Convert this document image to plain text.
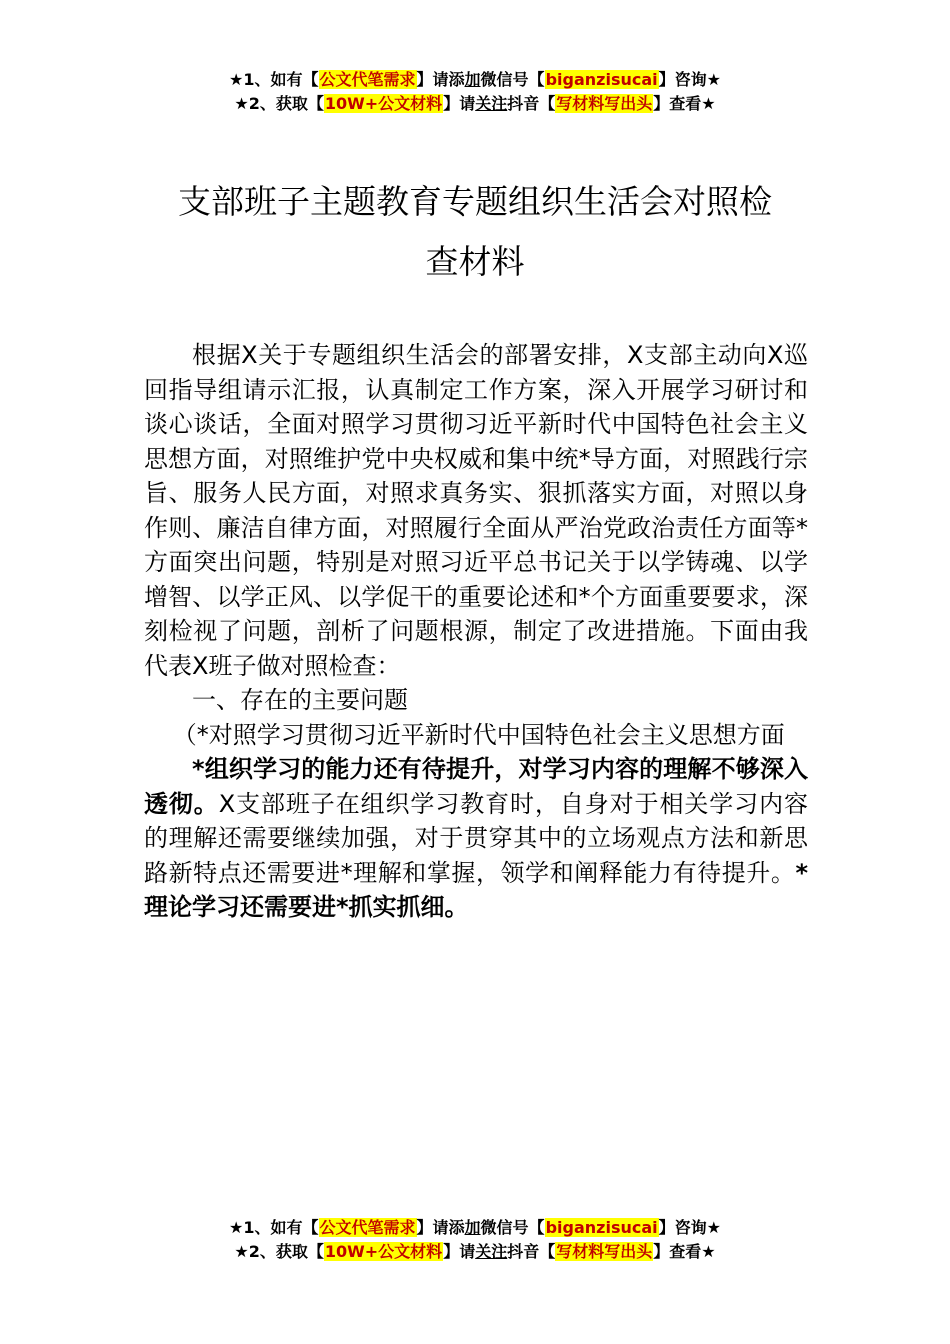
★1、如有【公文代笔需求】请添加微信号【biganzisucai】咨询★
★2、获取【10W+公文材料】请关注抖音【写材料写出头】查看★
支部班子主题教育专题组织生活会对照检
查材料

根据X关于专题组织生活会的部署安排，X支部主动向X巡回指导组请示汇报，认真制定工作方案，深入开展学习研讨和谈心谈话，全面对照学习贯彻习近平新时代中国特色社会主义思想方面，对照维护党中央权威和集中统*导方面，对照践行宗旨、服务人民方面，对照求真务实、狠抓落实方面，对照以身作则、廉洁自律方面，对照履行全面从严治党政治责任方面等*方面突出问题，特别是对照习近平总书记关于以学铸魂、以学增智、以学正风、以学促干的重要论述和*个方面重要要求，深刻检视了问题，剖析了问题根源，制定了改进措施。下面由我代表X班子做对照检查：

一、存在的主要问题

（*对照学习贯彻习近平新时代中国特色社会主义思想方面

*组织学习的能力还有待提升，对学习内容的理解不够深入透彻。X支部班子在组织学习教育时，自身对于相关学习内容的理解还需要继续加强，对于贯穿其中的立场观点方法和新思路新特点还需要进*理解和掌握，领学和阐释能力有待提升。*理论学习还需要进*抓实抓细。

★1、如有【公文代笔需求】请添加微信号【biganzisucai】咨询★
★2、获取【10W+公文材料】请关注抖音【写材料写出头】查看★
